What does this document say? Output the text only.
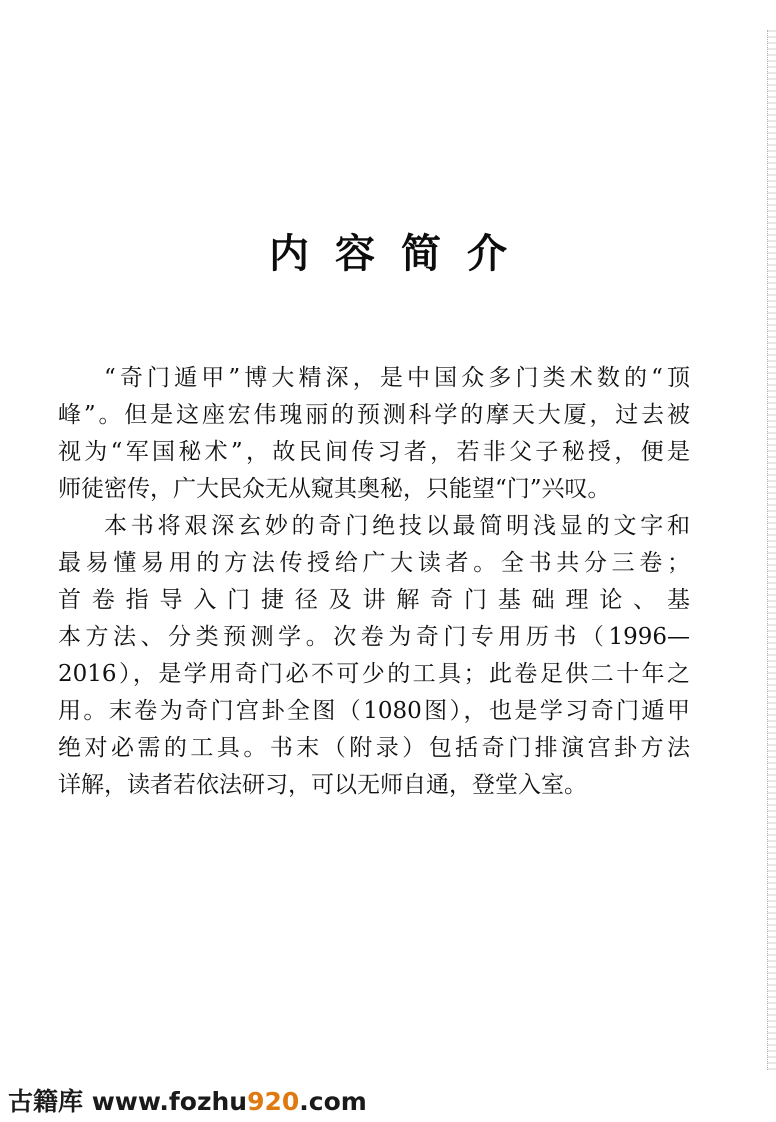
内容简介

“奇门遁甲”博大精深，是中国众多门类术数的“顶
峰”。但是这座宏伟瑰丽的预测科学的摩天大厦，过去被
视为“军国秘术”，故民间传习者，若非父子秘授，便是
师徒密传，广大民众无从窥其奥秘，只能望“门”兴叹。

本书将艰深玄妙的奇门绝技以最简明浅显的文字和
最易懂易用的方法传授给广大读者。全书共分三卷；
首卷指导入门捷径及讲解奇门基础理论、基
本方法、分类预测学。次卷为奇门专用历书（1996—
2016），是学用奇门必不可少的工具；此卷足供二十年之
用。末卷为奇门宫卦全图（1080图），也是学习奇门遁甲
绝对必需的工具。书末（附录）包括奇门排演宫卦方法
详解，读者若依法研习，可以无师自通，登堂入室。

古籍库 www.fozhu920.com
